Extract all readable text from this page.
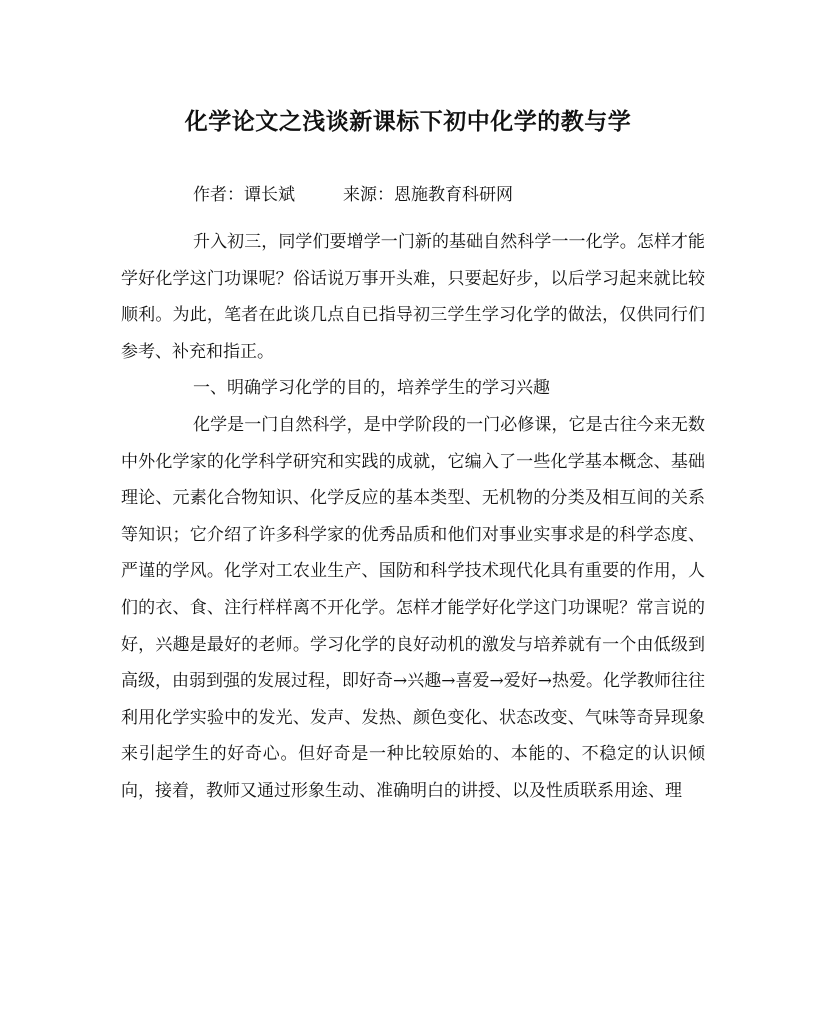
化学论文之浅谈新课标下初中化学的教与学
作者：谭长斌	来源：恩施教育科研网

升入初三，同学们要增学一门新的基础自然科学一一化学。怎样才能学好化学这门功课呢？俗话说万事开头难，只要起好步，以后学习起来就比较顺利。为此，笔者在此谈几点自已指导初三学生学习化学的做法，仅供同行们参考、补充和指正。

一、明确学习化学的目的，培养学生的学习兴趣

化学是一门自然科学，是中学阶段的一门必修课，它是古往今来无数中外化学家的化学科学研究和实践的成就，它编入了一些化学基本概念、基础理论、元素化合物知识、化学反应的基本类型、无机物的分类及相互间的关系等知识；它介绍了许多科学家的优秀品质和他们对事业实事求是的科学态度、严谨的学风。化学对工农业生产、国防和科学技术现代化具有重要的作用，人们的衣、食、注行样样离不开化学。怎样才能学好化学这门功课呢？常言说的好，兴趣是最好的老师。学习化学的良好动机的激发与培养就有一个由低级到高级，由弱到强的发展过程，即好奇→兴趣→喜爱→爱好→热爱。化学教师往往利用化学实验中的发光、发声、发热、颜色变化、状态改变、气味等奇异现象来引起学生的好奇心。但好奇是一种比较原始的、本能的、不稳定的认识倾向，接着，教师又通过形象生动、准确明白的讲授、以及性质联系用途、理
